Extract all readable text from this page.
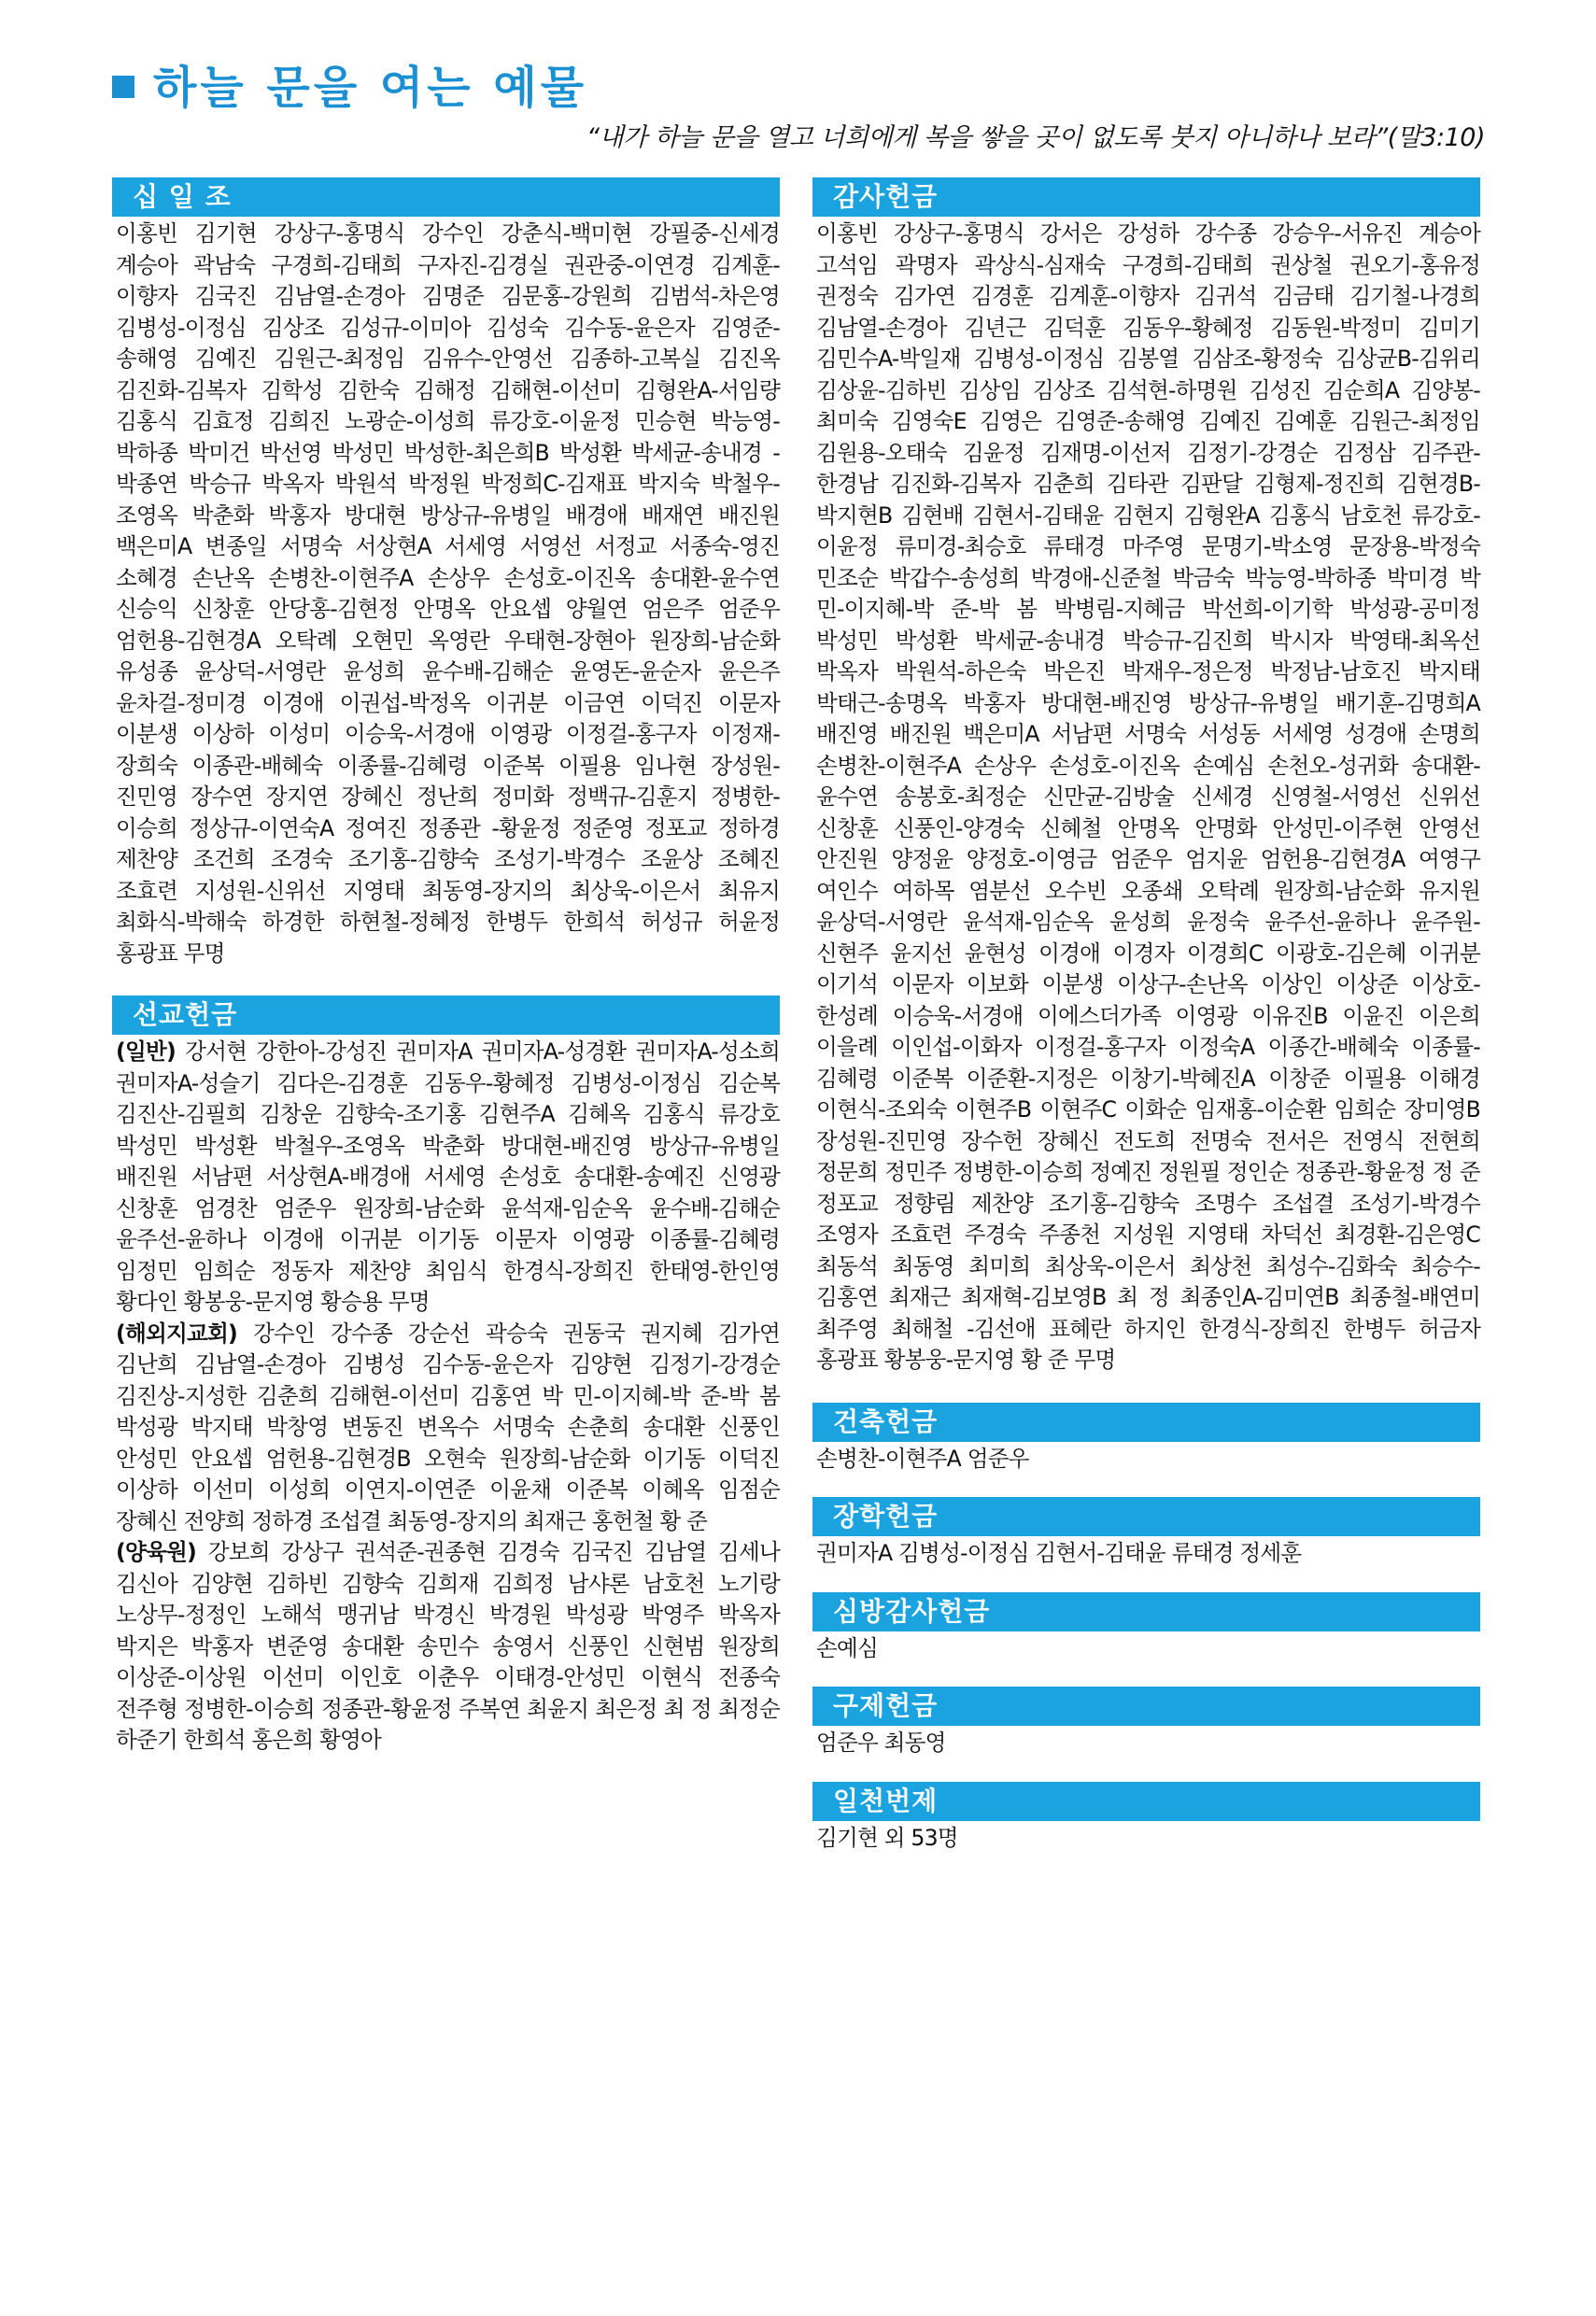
하늘 문을 여는 예물
“내가 하늘 문을 열고 너희에게 복을 쌓을 곳이 없도록 붓지 아니하나 보라”(말3:10)
십 일 조
이홍빈 김기현 강상구-홍명식 강수인 강춘식-백미현 강필중-신세경 계승아 곽남숙 구경희-김태희 구자진-김경실 권관중-이연경 김계훈-이향자 김국진 김남열-손경아 김명준 김문홍-강원희 김범석-차은영 김병성-이정심 김상조 김성규-이미아 김성숙 김수동-윤은자 김영준-송해영 김예진 김원근-최정임 김유수-안영선 김종하-고복실 김진옥 김진화-김복자 김학성 김한숙 김해정 김해현-이선미 김형완A-서임량 김홍식 김효정 김희진 노광순-이성희 류강호-이윤정 민승현 박능영-박하종 박미건 박선영 박성민 박성한-최은희B 박성환 박세균-송내경 -박종연 박승규 박옥자 박원석 박정원 박정희C-김재표 박지숙 박철우-조영옥 박춘화 박홍자 방대현 방상규-유병일 배경애 배재연 배진원 백은미A 변종일 서명숙 서상현A 서세영 서영선 서정교 서종숙-영진 소혜경 손난옥 손병찬-이현주A 손상우 손성호-이진옥 송대환-윤수연 신승익 신창훈 안당홍-김현정 안명옥 안요셉 양월연 엄은주 엄준우 엄헌용-김현경A 오탁례 오현민 옥영란 우태현-장현아 원장희-남순화 유성종 윤상덕-서영란 윤성희 윤수배-김해순 윤영돈-윤순자 윤은주 윤차걸-정미경 이경애 이권섭-박정옥 이귀분 이금연 이덕진 이문자 이분생 이상하 이성미 이승욱-서경애 이영광 이정걸-홍구자 이정재-장희숙 이종관-배혜숙 이종률-김혜령 이준복 이필용 임나현 장성원-진민영 장수연 장지연 장혜신 정난희 정미화 정백규-김훈지 정병한-이승희 정상규-이연숙A 정여진 정종관 -황윤정 정준영 정포교 정하경 제찬양 조건희 조경숙 조기홍-김향숙 조성기-박경수 조윤상 조혜진 조효련 지성원-신위선 지영태 최동영-장지의 최상욱-이은서 최유지 최화식-박해숙 하경한 하현철-정혜정 한병두 한희석 허성규 허윤정 홍광표 무명
선교헌금

(일반) 강서현 강한아-강성진 권미자A 권미자A-성경환 권미자A-성소희 권미자A-성슬기 김다은-김경훈 김동우-황혜정 김병성-이정심 김순복 김진산-김필희 김창운 김향숙-조기홍 김현주A 김혜옥 김홍식 류강호 박성민 박성환 박철우-조영옥 박춘화 방대현-배진영 방상규-유병일 배진원 서남편 서상현A-배경애 서세영 손성호 송대환-송예진 신영광 신창훈 엄경찬 엄준우 원장희-남순화 윤석재-임순옥 윤수배-김해순 윤주선-윤하나 이경애 이귀분 이기동 이문자 이영광 이종률-김혜령 임정민 임희순 정동자 제찬양 최임식 한경식-장희진 한태영-한인영 황다인 황봉웅-문지영 황승용 무명

(해외지교회) 강수인 강수종 강순선 곽승숙 권동국 권지혜 김가연 김난희 김남열-손경아 김병성 김수동-윤은자 김양현 김정기-강경순 김진상-지성한 김춘희 김해현-이선미 김홍연 박 민-이지혜-박 준-박 봄 박성광 박지태 박창영 변동진 변옥수 서명숙 손춘희 송대환 신풍인 안성민 안요셉 엄헌용-김현경B 오현숙 원장희-남순화 이기동 이덕진 이상하 이선미 이성희 이연지-이연준 이윤채 이준복 이혜옥 임점순 장혜신 전양희 정하경 조섭결 최동영-장지의 최재근 홍헌철 황 준

(양육원) 강보희 강상구 권석준-권종현 김경숙 김국진 김남열 김세나 김신아 김양현 김하빈 김향숙 김희재 김희정 남샤론 남호천 노기랑 노상무-정정인 노해석 맹귀남 박경신 박경원 박성광 박영주 박옥자 박지은 박홍자 변준영 송대환 송민수 송영서 신풍인 신현범 원장희 이상준-이상원 이선미 이인호 이춘우 이태경-안성민 이현식 전종숙 전주형 정병한-이승희 정종관-황윤정 주복연 최윤지 최은정 최 정 최정순 하준기 한희석 홍은희 황영아

감사헌금
이홍빈 강상구-홍명식 강서은 강성하 강수종 강승우-서유진 계승아 고석임 곽명자 곽상식-심재숙 구경희-김태희 권상철 권오기-홍유정 권정숙 김가연 김경훈 김계훈-이향자 김귀석 김금태 김기철-나경희 김남열-손경아 김년근 김덕훈 김동우-황혜정 김동원-박정미 김미기 김민수A-박일재 김병성-이정심 김봉열 김삼조-황정숙 김상균B-김위리 김상윤-김하빈 김상임 김상조 김석현-하명원 김성진 김순희A 김양봉-최미숙 김영숙E 김영은 김영준-송해영 김예진 김예훈 김원근-최정임 김원용-오태숙 김윤정 김재명-이선저 김정기-강경순 김정삼 김주관-한경남 김진화-김복자 김춘희 김타관 김판달 김형제-정진희 김현경B-박지현B 김현배 김현서-김태윤 김현지 김형완A 김홍식 남호천 류강호-이윤정 류미경-최승호 류태경 마주영 문명기-박소영 문장용-박정숙 민조순 박갑수-송성희 박경애-신준철 박금숙 박능영-박하종 박미경 박 민-이지혜-박 준-박 봄 박병림-지혜금 박선희-이기학 박성광-공미정 박성민 박성환 박세균-송내경 박승규-김진희 박시자 박영태-최옥선 박옥자 박원석-하은숙 박은진 박재우-정은정 박정남-남호진 박지태 박태근-송명옥 박홍자 방대현-배진영 방상규-유병일 배기훈-김명희A 배진영 배진원 백은미A 서남편 서명숙 서성동 서세영 성경애 손명희 손병찬-이현주A 손상우 손성호-이진옥 손예심 손천오-성귀화 송대환-윤수연 송봉호-최정순 신만균-김방술 신세경 신영철-서영선 신위선 신창훈 신풍인-양경숙 신혜철 안명옥 안명화 안성민-이주현 안영선 안진원 양정윤 양정호-이영금 엄준우 엄지윤 엄헌용-김현경A 여영구 여인수 여하목 염분선 오수빈 오종쇄 오탁례 원장희-남순화 유지원 윤상덕-서영란 윤석재-임순옥 윤성희 윤정숙 윤주선-윤하나 윤주원-신현주 윤지선 윤현성 이경애 이경자 이경희C 이광호-김은혜 이귀분 이기석 이문자 이보화 이분생 이상구-손난옥 이상인 이상준 이상호-한성례 이승욱-서경애 이에스더가족 이영광 이유진B 이윤진 이은희 이을례 이인섭-이화자 이정걸-홍구자 이정숙A 이종간-배혜숙 이종률-김혜령 이준복 이준환-지정은 이창기-박혜진A 이창준 이필용 이해경 이현식-조외숙 이현주B 이현주C 이화순 임재홍-이순환 임희순 장미영B 장성원-진민영 장수헌 장혜신 전도희 전명숙 전서은 전영식 전현희 정문희 정민주 정병한-이승희 정예진 정원필 정인순 정종관-황윤정 정 준 정포교 정향림 제찬양 조기홍-김향숙 조명수 조섭결 조성기-박경수 조영자 조효련 주경숙 주종천 지성원 지영태 차덕선 최경환-김은영C 최동석 최동영 최미희 최상욱-이은서 최상천 최성수-김화숙 최승수-김홍연 최재근 최재혁-김보영B 최 정 최종인A-김미연B 최종철-배연미 최주영 최해철 -김선애 표혜란 하지인 한경식-장희진 한병두 허금자 홍광표 황봉웅-문지영 황 준 무명
건축헌금
손병찬-이현주A 엄준우
장학헌금
권미자A 김병성-이정심 김현서-김태윤 류태경 정세훈
심방감사헌금
손예심
구제헌금
엄준우 최동영
일천번제
김기현 외 53명
